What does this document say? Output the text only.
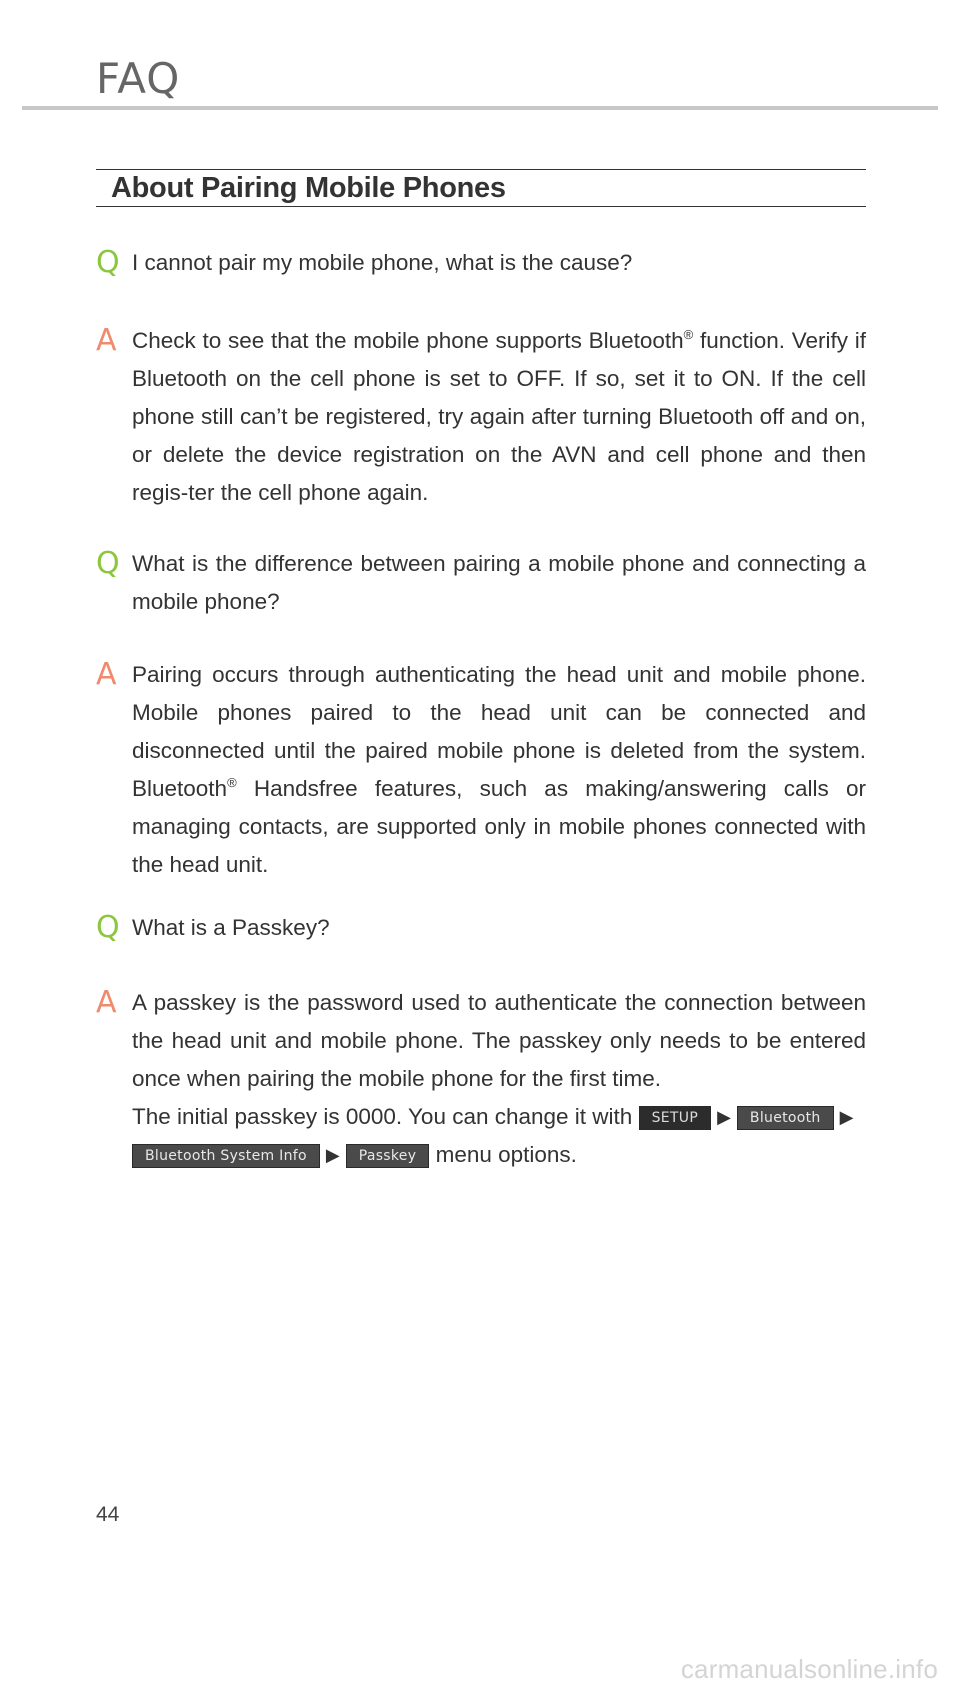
FAQ
About Pairing Mobile Phones
Q I cannot pair my mobile phone, what is the cause?
A Check to see that the mobile phone supports Bluetooth® function. Verify if Bluetooth on the cell phone is set to OFF. If so, set it to ON. If the cell phone still can’t be registered, try again after turning Bluetooth off and on, or delete the device registration on the AVN and cell phone and then regis-ter the cell phone again.
Q What is the difference between pairing a mobile phone and connecting a mobile phone?
A Pairing occurs through authenticating the head unit and mobile phone. Mobile phones paired to the head unit can be connected and disconnected until the paired mobile phone is deleted from the system. Bluetooth® Handsfree features, such as making/answering calls or managing contacts, are supported only in mobile phones connected with the head unit.
Q What is a Passkey?
A A passkey is the password used to authenticate the connection between the head unit and mobile phone. The passkey only needs to be entered once when pairing the mobile phone for the first time.
The initial passkey is 0000. You can change it with SETUP ▶ Bluetooth ▶
Bluetooth System Info ▶ Passkey menu options.

44

carmanualsonline.info
